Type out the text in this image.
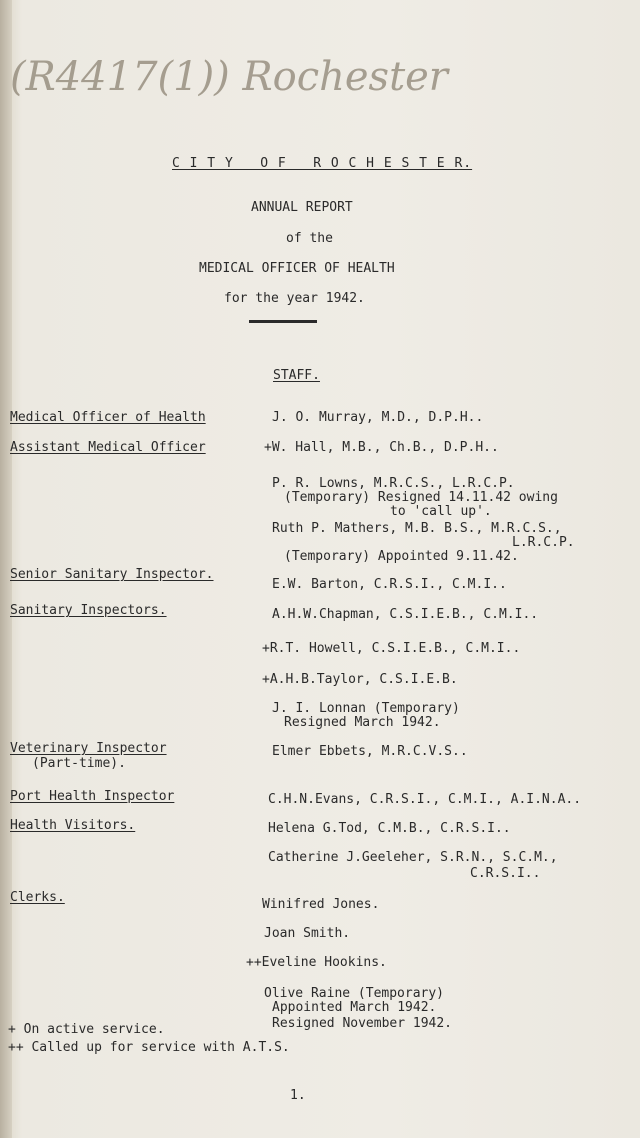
(R4417(1)) Rochester
C I T Y   O F   R O C H E S T E R.
ANNUAL REPORT
of the
MEDICAL OFFICER OF HEALTH
for the year 1942.
STAFF.
Medical Officer of Health
Assistant Medical Officer
Senior Sanitary Inspector.
Sanitary Inspectors.
Veterinary Inspector
(Part-time).
Port Health Inspector
Health Visitors.
Clerks.
J. O. Murray, M.D., D.P.H..
+W. Hall, M.B., Ch.B., D.P.H..
P. R. Lowns, M.R.C.S., L.R.C.P.
(Temporary) Resigned 14.11.42 owing
to 'call up'.
Ruth P. Mathers, M.B. B.S., M.R.C.S.,
L.R.C.P.
(Temporary) Appointed 9.11.42.
E.W. Barton, C.R.S.I., C.M.I..
A.H.W.Chapman, C.S.I.E.B., C.M.I..
+R.T. Howell, C.S.I.E.B., C.M.I..
+A.H.B.Taylor, C.S.I.E.B.
J. I. Lonnan (Temporary)
Resigned March 1942.
Elmer Ebbets, M.R.C.V.S..
C.H.N.Evans, C.R.S.I., C.M.I., A.I.N.A..
Helena G.Tod, C.M.B., C.R.S.I..
Catherine J.Geeleher, S.R.N., S.C.M.,
C.R.S.I..
Winifred Jones.
Joan Smith.
++Eveline Hookins.
Olive Raine (Temporary)
Appointed March 1942.
Resigned November 1942.
+ On active service.
++ Called up for service with A.T.S.
1.
